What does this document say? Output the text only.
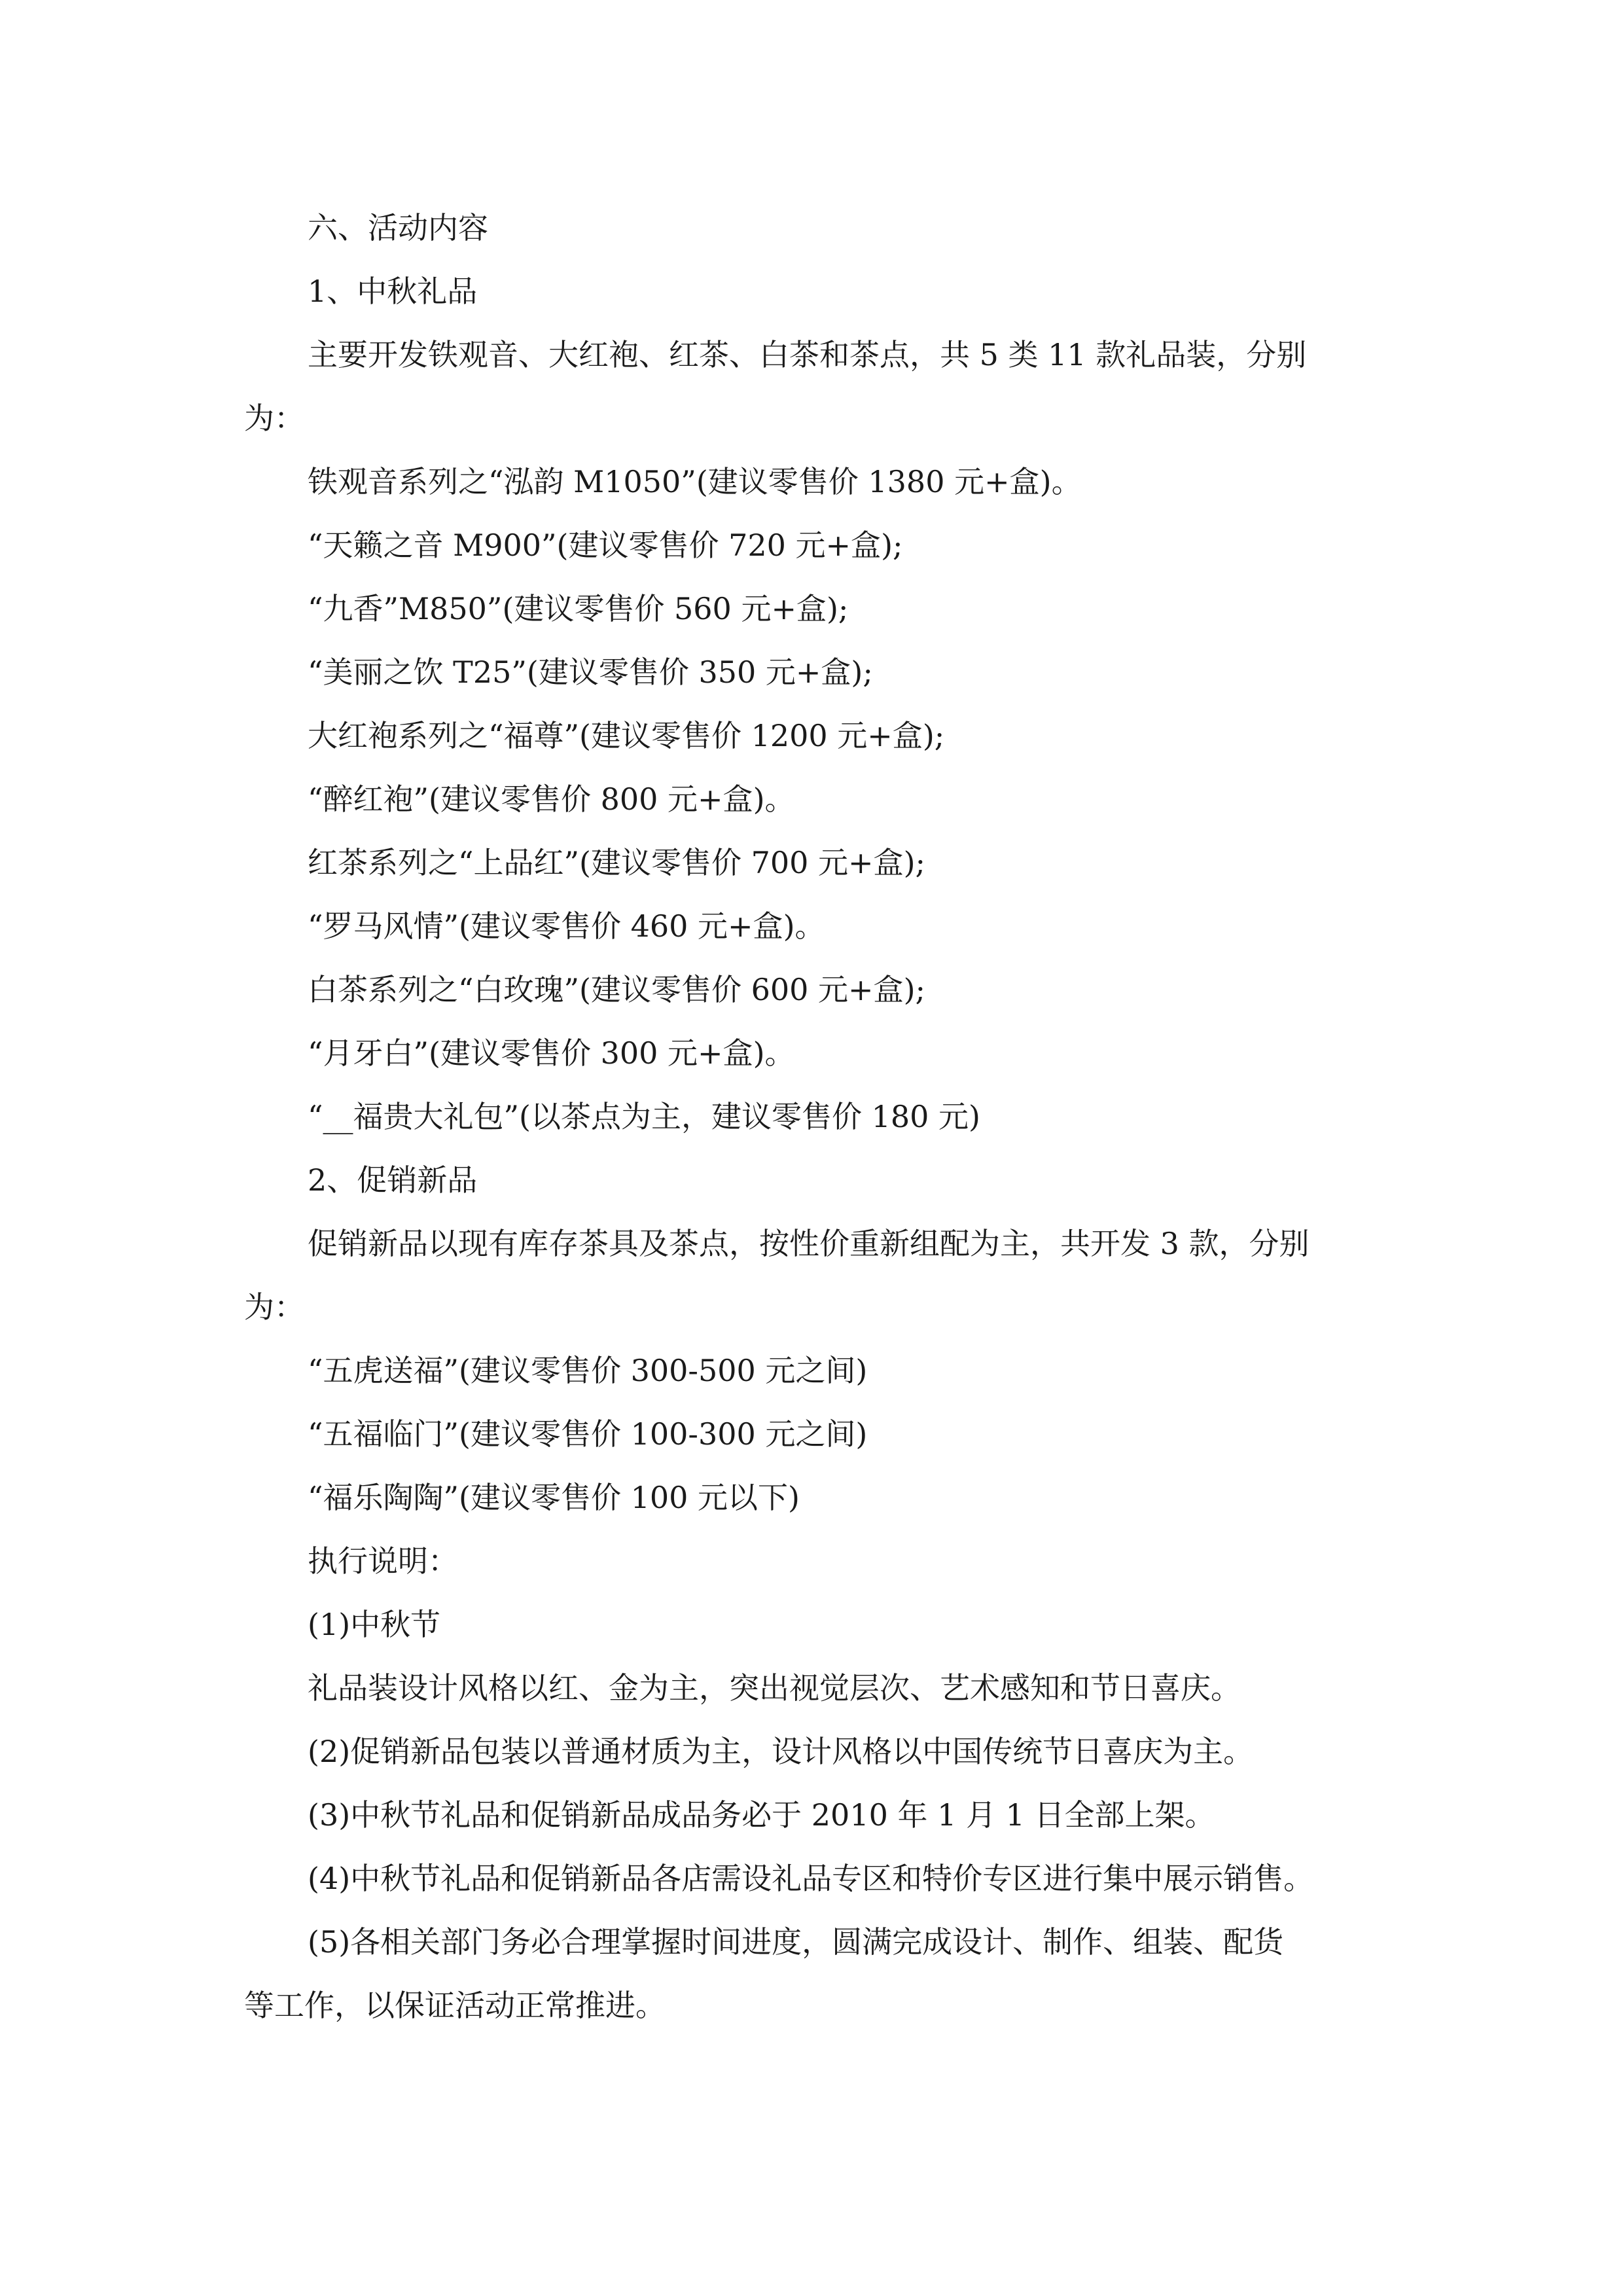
六、活动内容
1、中秋礼品
主要开发铁观音、大红袍、红茶、白茶和茶点，共 5 类 11 款礼品装，分别
为：
铁观音系列之“泓韵 M1050”(建议零售价 1380 元+盒)。
“天籁之音 M900”(建议零售价 720 元+盒);
“九香”M850”(建议零售价 560 元+盒);
“美丽之饮 T25”(建议零售价 350 元+盒);
大红袍系列之“福尊”(建议零售价 1200 元+盒);
“醉红袍”(建议零售价 800 元+盒)。
红茶系列之“上品红”(建议零售价 700 元+盒);
“罗马风情”(建议零售价 460 元+盒)。
白茶系列之“白玫瑰”(建议零售价 600 元+盒);
“月牙白”(建议零售价 300 元+盒)。
“__福贵大礼包”(以茶点为主，建议零售价 180 元)
2、促销新品
促销新品以现有库存茶具及茶点，按性价重新组配为主，共开发 3 款，分别
为：
“五虎送福”(建议零售价 300-500 元之间)
“五福临门”(建议零售价 100-300 元之间)
“福乐陶陶”(建议零售价 100 元以下)
执行说明：
(1)中秋节
礼品装设计风格以红、金为主，突出视觉层次、艺术感知和节日喜庆。
(2)促销新品包装以普通材质为主，设计风格以中国传统节日喜庆为主。
(3)中秋节礼品和促销新品成品务必于 2010 年 1 月 1 日全部上架。
(4)中秋节礼品和促销新品各店需设礼品专区和特价专区进行集中展示销售。
(5)各相关部门务必合理掌握时间进度，圆满完成设计、制作、组装、配货
等工作，以保证活动正常推进。
